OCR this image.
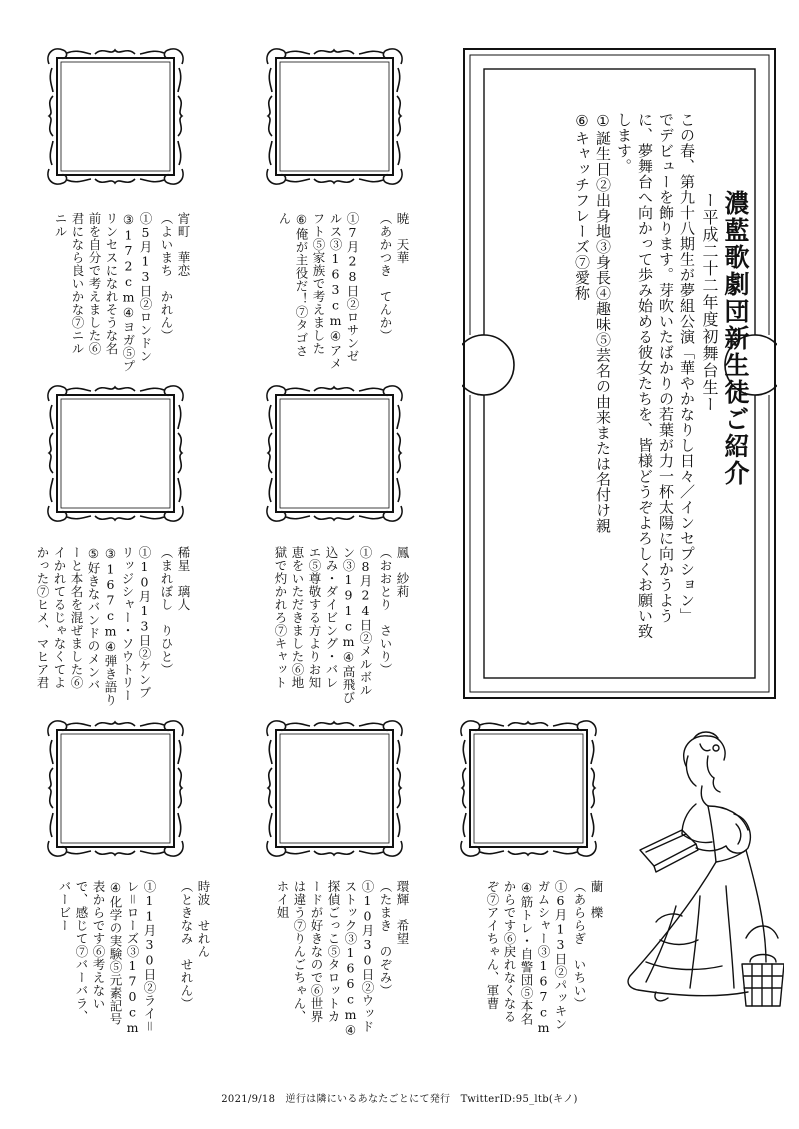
濃藍歌劇団新生徒ご紹介
ー平成二十二年度初舞台生ー
この春、第九十八期生が夢組公演「華やかなりし日々／インセプション」
でデビューを飾ります。芽吹いたばかりの若葉が力一杯太陽に向かうよう
に、夢舞台へ向かって歩み始める彼女たちを、皆様どうぞよろしくお願い致
します。
①誕生日②出身地③身長④趣味⑤芸名の由来または名付け親
⑥キャッチフレーズ⑦愛称
宵町　華恋
（よいまち　かれん）
①5月13日②ロンドン
③172cm④ヨガ⑤プ
リンセスになれそうな名
前を自分で考えました⑥
君になら良いかな⑦ニル
ニル	暁　天華
（あかつき　てんか）
①7月28日②ロサンゼ
ルス③163cm④アメ
フト⑤家族で考えました
⑥俺が主役だ！⑦タゴさ
ん
稀星　璃人
（まれぼし　りひと）
①10月13日②ケンブ
リッジシャー・ソウトリー
③167cm④弾き語り
⑤好きなバンドのメンバ
ーと本名を混ぜました⑥
イかれてるじゃなくてよ
かった⑦ヒメ、マヒア君	鳳　紗莉
（おおとり　さいり）
①8月24日②メルボル
ン③191cm④高飛び
込み・ダイビング・バレ
エ⑤尊敬する方よりお知
恵をいただきました⑥地
獄で灼かれろ⑦キャット
時波　せれん
（ときなみ　せれん）
①11月30日②ライ＝
レ＝ローズ③170cm
④化学の実験⑤元素記号
表からです⑥考えない
で、感じて⑦バーバラ、
バービー	環輝　希望
（たまき　のぞみ）
①10月30日②ウッド
ストック③166cm④
探偵ごっこ⑤タロットカ
ードが好きなので⑥世界
は違う⑦りんごちゃん、
ホイ姐	蘭　櫟
（あららぎ　いちい）
①6月13日②パッキン
ガムシャー③167cm
④筋トレ・自警団⑤本名
からです⑥戻れなくなる
ぞ⑦アイちゃん、軍曹
2021/9/18　逆行は隣にいるあなたごとにて発行　TwitterID:95_ltb(キノ)
